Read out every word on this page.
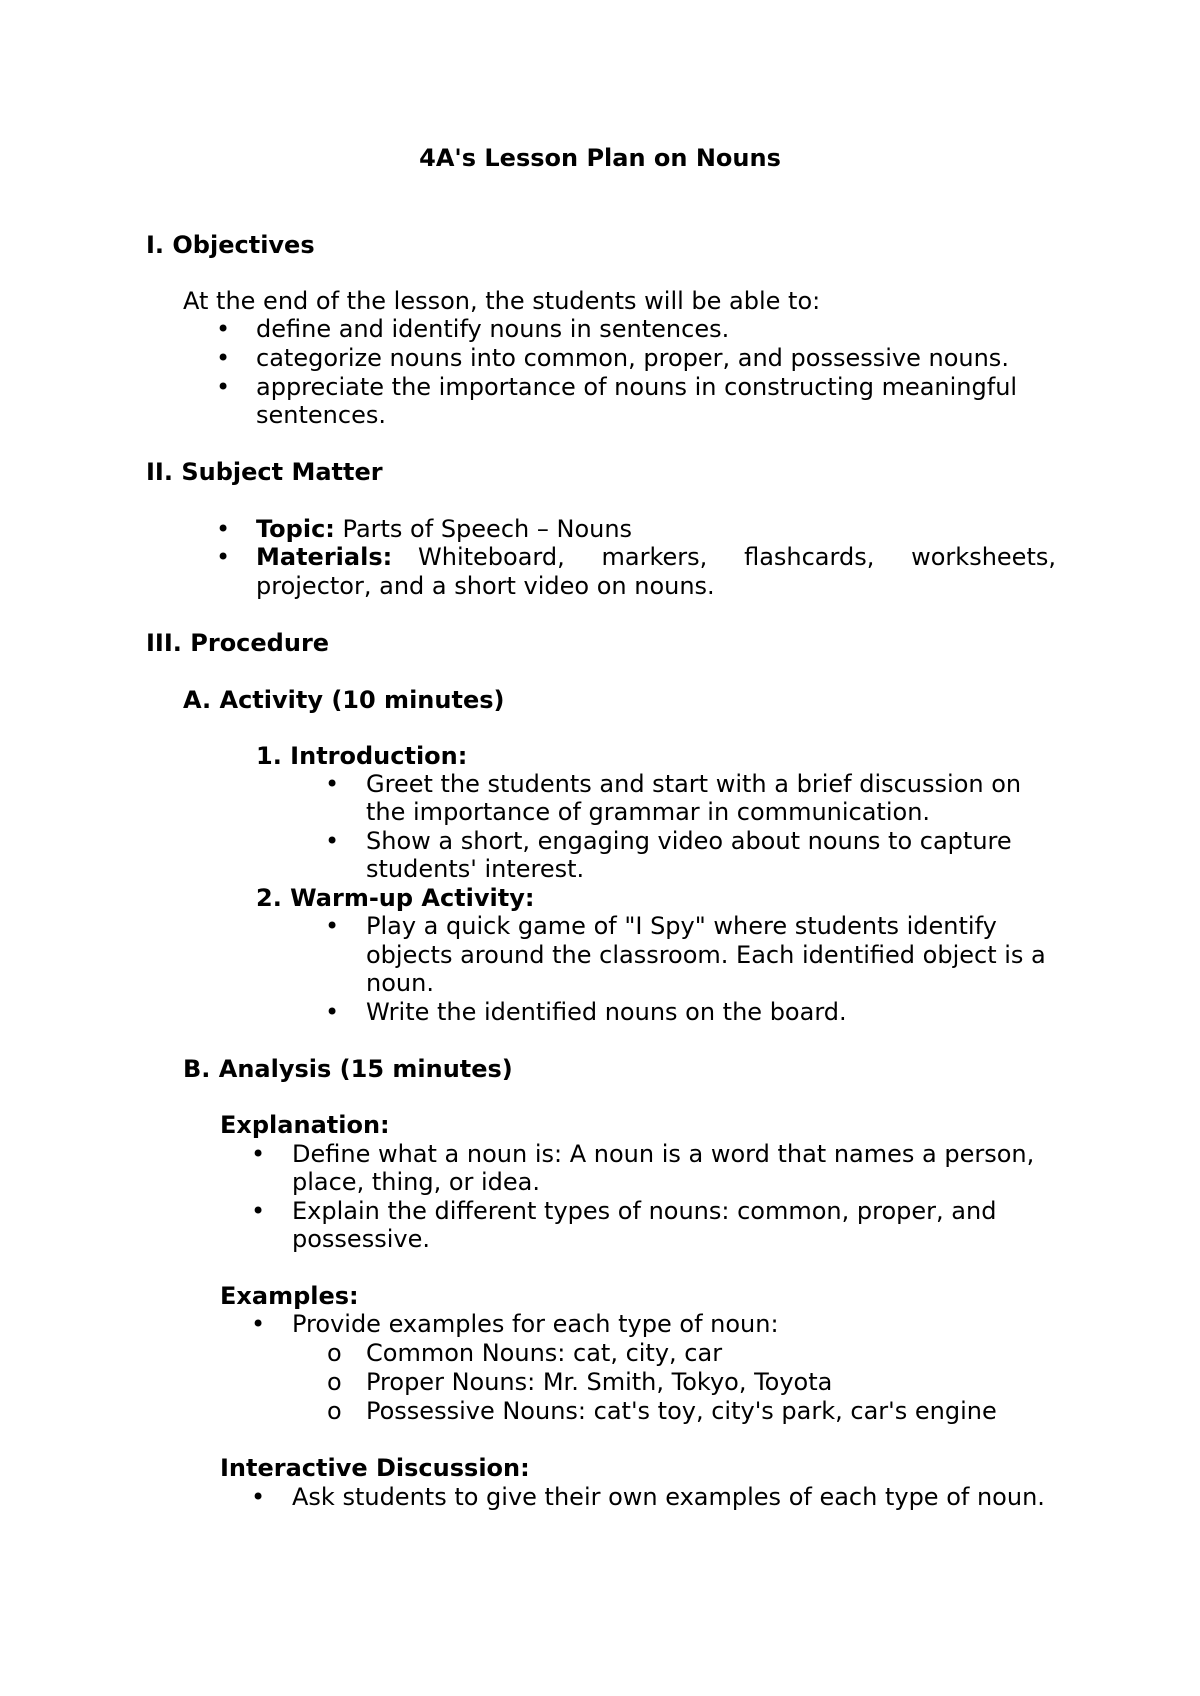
4A's Lesson Plan on Nouns
I. Objectives
At the end of the lesson, the students will be able to:
•	define and identify nouns in sentences.
•	categorize nouns into common, proper, and possessive nouns.
•	appreciate the importance of nouns in constructing meaningful
sentences.
II. Subject Matter
•	Topic: Parts of Speech – Nouns
•	Materials: Whiteboard, markers, flashcards, worksheets,
projector, and a short video on nouns.
III. Procedure
A. Activity (10 minutes)
1. Introduction:
•	Greet the students and start with a brief discussion on
the importance of grammar in communication.
•	Show a short, engaging video about nouns to capture
students' interest.
2. Warm-up Activity:
•	Play a quick game of "I Spy" where students identify
objects around the classroom. Each identified object is a
noun.
•	Write the identified nouns on the board.
B. Analysis (15 minutes)
Explanation:
•	Define what a noun is: A noun is a word that names a person,
place, thing, or idea.
•	Explain the different types of nouns: common, proper, and
possessive.
Examples:
•	Provide examples for each type of noun:
o	Common Nouns: cat, city, car
o	Proper Nouns: Mr. Smith, Tokyo, Toyota
o	Possessive Nouns: cat's toy, city's park, car's engine
Interactive Discussion:
•	Ask students to give their own examples of each type of noun.
